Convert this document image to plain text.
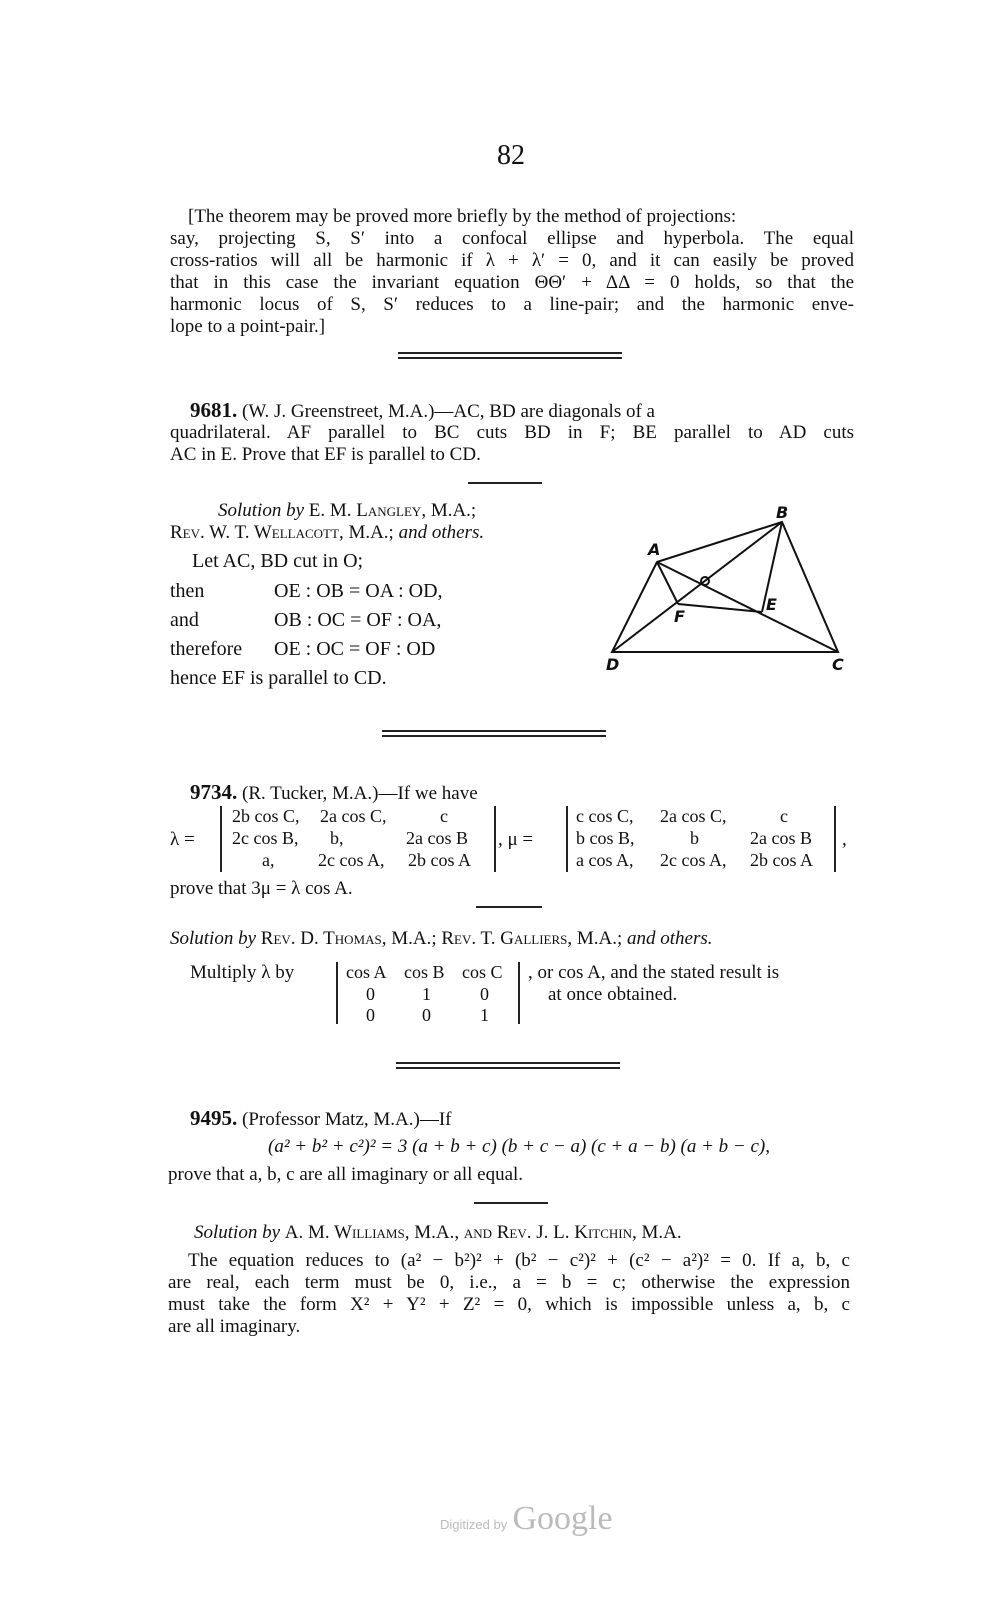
82
[The theorem may be proved more briefly by the method of projections:
say, projecting S, S′ into a confocal ellipse and hyperbola. The equal
cross-ratios will all be harmonic if λ + λ′ = 0, and it can easily be proved
that in this case the invariant equation ΘΘ′ + ΔΔ = 0 holds, so that the
harmonic locus of S, S′ reduces to a line-pair; and the harmonic enve-
lope to a point-pair.]
9681. (W. J. Greenstreet, M.A.)—AC, BD are diagonals of a
quadrilateral. AF parallel to BC cuts BD in F; BE parallel to AD cuts
AC in E. Prove that EF is parallel to CD.
Solution by E. M. Langley, M.A.;
Rev. W. T. Wellacott, M.A.; and others.
Let AC, BD cut in O;
then	OE : OB = OA : OD,
and	OB : OC = OF : OA,
therefore OE : OC = OF : OD
hence EF is parallel to CD.
A
B
C
D
E
F
9734. (R. Tucker, M.A.)—If we have
λ =
2b cos C, 2a cos C,	c
2c cos B, b,	2a cos B
a, 2c cos A, 2b cos A
, μ =
c cos C, 2a cos C,	c
b cos B,	b	2a cos B
a cos A, 2c cos A, 2b cos A
,
prove that 3μ = λ cos A.
Solution by Rev. D. Thomas, M.A.; Rev. T. Galliers, M.A.; and others.
Multiply λ by	cos A cos B cos C
0	1	0
0	0	1
, or cos A, and the stated result is
at once obtained.
9495. (Professor Matz, M.A.)—If
(a² + b² + c²)² = 3 (a + b + c) (b + c − a) (c + a − b) (a + b − c),
prove that a, b, c are all imaginary or all equal.
Solution by A. M. Williams, M.A., and Rev. J. L. Kitchin, M.A.
The equation reduces to (a² − b²)² + (b² − c²)² + (c² − a²)² = 0. If a, b, c
are real, each term must be 0, i.e., a = b = c; otherwise the expression
must take the form X² + Y² + Z² = 0, which is impossible unless a, b, c
are all imaginary.
Digitized by Google
